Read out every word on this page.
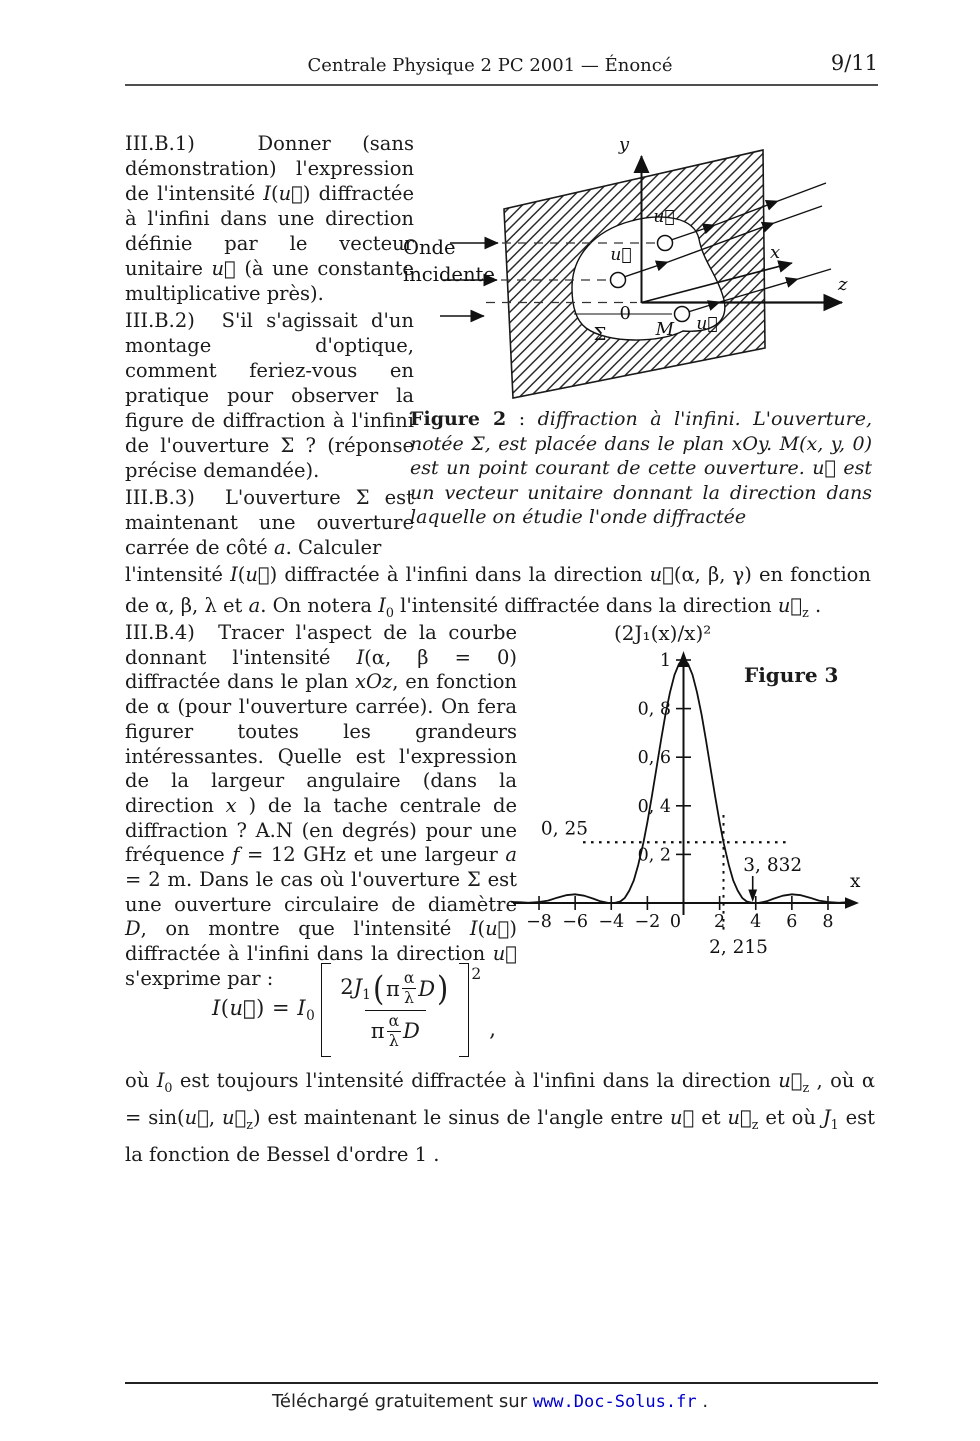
Centrale Physique 2 PC 2001 — Énoncé	9/11
III.B.1)  Donner (sans démonstration) l'expression de l'intensité I(u⃗) diffractée à l'infini dans une direction définie par le vecteur unitaire u⃗ (à une constante multiplicative près).
III.B.2)  S'il s'agissait d'un montage d'optique, comment feriez-vous en pratique pour observer la figure de diffraction à l'infini de l'ouverture Σ ? (réponse précise demandée).
III.B.3)  L'ouverture Σ est maintenant une ouverture carrée de côté a. Calculer
y
z
x
0
M
Σ
u⃗
u⃗
u⃗
Onde
incidente
Figure 2 : diffraction à l'infini. L'ouverture, notée Σ, est placée dans le plan xOy. M(x, y, 0) est un point courant de cette ouverture. u⃗ est un vecteur unitaire donnant la direction dans laquelle on étudie l'onde diffractée
l'intensité I(u⃗) diffractée à l'infini dans la direction u⃗(α, β, γ) en fonction de α, β, λ et a. On notera $I_0$ l'intensité diffractée dans la direction $u⃗_z$ .
III.B.4)  Tracer l'aspect de la courbe donnant l'intensité I(α, β = 0) diffractée dans le plan xOz, en fonction de α (pour l'ouverture carrée). On fera figurer toutes les grandeurs intéressantes. Quelle est l'expression de la largeur angulaire (dans la direction x ) de la tache centrale de diffraction ? A.N (en degrés) pour une fréquence f = 12 GHz et une largeur a = 2 m. Dans le cas où l'ouverture Σ est une ouverture circulaire de diamètre D, on montre que l'intensité I(u⃗) diffractée à l'infini dans la direction u⃗ s'exprime par :
x
−8 −6 −4 −2 0 2 4 6 8
0, 2
0, 4
0, 6
0, 8
1
0, 25
2, 215
3, 832
(2J₁(x)/x)²
Figure 3
I(u⃗) = $I_0$
$2J_1$ ( π α
λ D )
π α
λ D
$^2$
,
où $I_0$ est toujours l'intensité diffractée à l'infini dans la direction $u⃗_z$ , où α = sin(u⃗, $u⃗_z$) est maintenant le sinus de l'angle entre u⃗ et $u⃗_z$ et où $J_1$ est la fonction de Bessel d'ordre 1 .
Téléchargé gratuitement sur www.Doc-Solus.fr .
